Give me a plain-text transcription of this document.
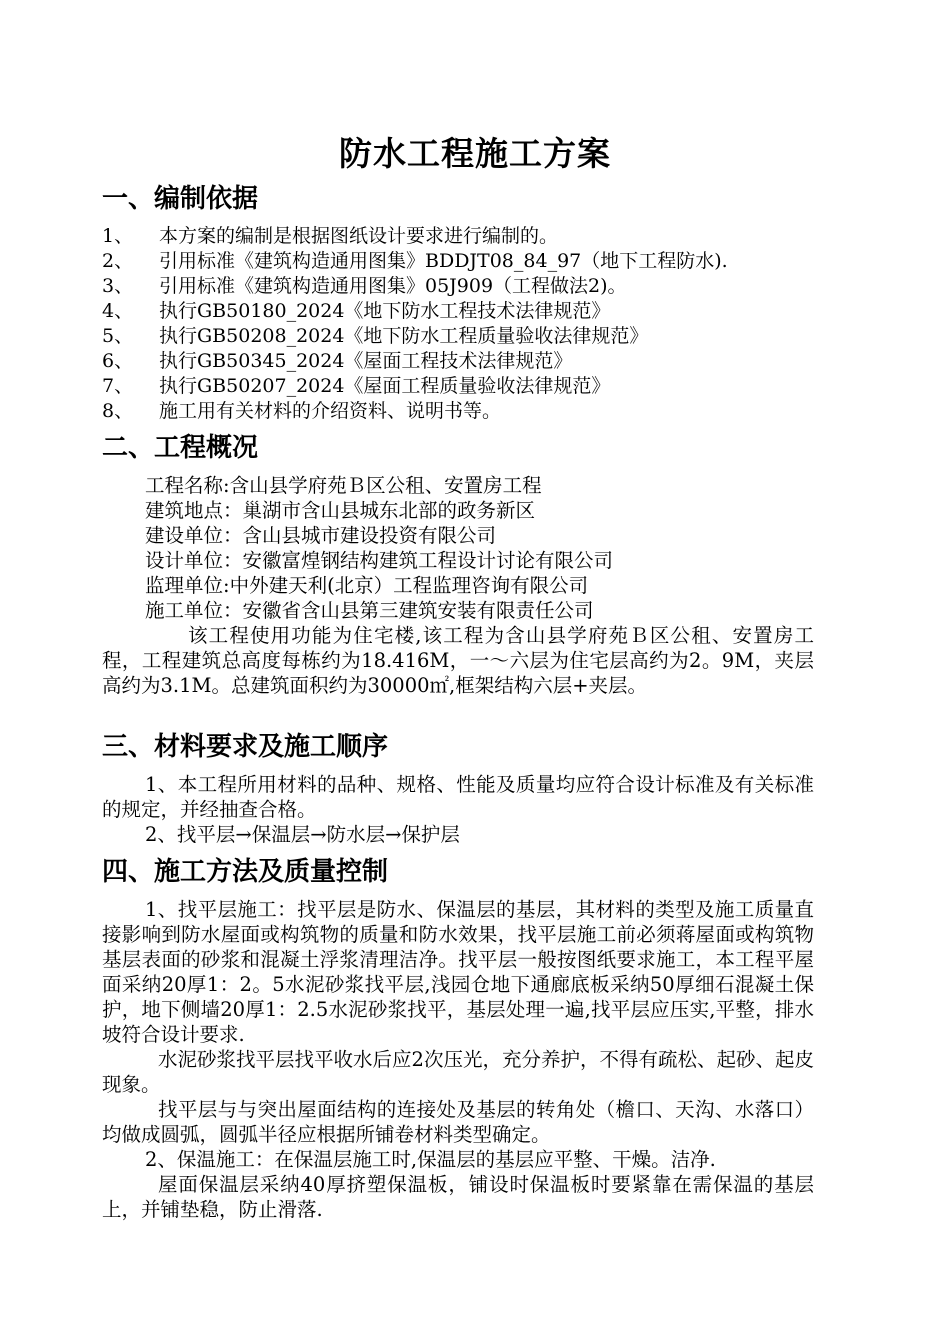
防水工程施工方案
一、编制依据
1、 本方案的编制是根据图纸设计要求进行编制的。
2、 引用标准《建筑构造通用图集》BDDJT08_84_97（地下工程防水).
3、 引用标准《建筑构造通用图集》05J909（工程做法2)。
4、 执行GB50180_2024《地下防水工程技术法律规范》
5、 执行GB50208_2024《地下防水工程质量验收法律规范》
6、 执行GB50345_2024《屋面工程技术法律规范》
7、 执行GB50207_2024《屋面工程质量验收法律规范》
8、 施工用有关材料的介绍资料、说明书等。
二、工程概况
工程名称:含山县学府苑Ｂ区公租、安置房工程
建筑地点：巢湖市含山县城东北部的政务新区
建设单位：含山县城市建设投资有限公司
设计单位：安徽富煌钢结构建筑工程设计讨论有限公司
监理单位:中外建天利(北京）工程监理咨询有限公司
施工单位：安徽省含山县第三建筑安装有限责任公司
该工程使用功能为住宅楼,该工程为含山县学府苑Ｂ区公租、安置房工程，工程建筑总高度每栋约为18.416M，一～六层为住宅层高约为2。9M，夹层高约为3.1M。总建筑面积约为30000㎡,框架结构六层+夹层。
三、材料要求及施工顺序
1、本工程所用材料的品种、规格、性能及质量均应符合设计标准及有关标准的规定，并经抽查合格。
2、找平层→保温层→防水层→保护层
四、施工方法及质量控制
1、找平层施工：找平层是防水、保温层的基层，其材料的类型及施工质量直接影响到防水屋面或构筑物的质量和防水效果，找平层施工前必须蒋屋面或构筑物基层表面的砂浆和混凝土浮浆清理洁净。找平层一般按图纸要求施工，本工程平屋面采纳20厚1：2。5水泥砂浆找平层,浅园仓地下通廊底板采纳50厚细石混凝土保护，地下侧墙20厚1：2.5水泥砂浆找平，基层处理一遍,找平层应压实,平整，排水坡符合设计要求.
水泥砂浆找平层找平收水后应2次压光，充分养护，不得有疏松、起砂、起皮现象。
找平层与与突出屋面结构的连接处及基层的转角处（檐口、天沟、水落口）均做成圆弧，圆弧半径应根据所铺卷材料类型确定。
2、保温施工：在保温层施工时,保温层的基层应平整、干燥。洁净.
屋面保温层采纳40厚挤塑保温板，铺设时保温板时要紧靠在需保温的基层上，并铺垫稳，防止滑落.
